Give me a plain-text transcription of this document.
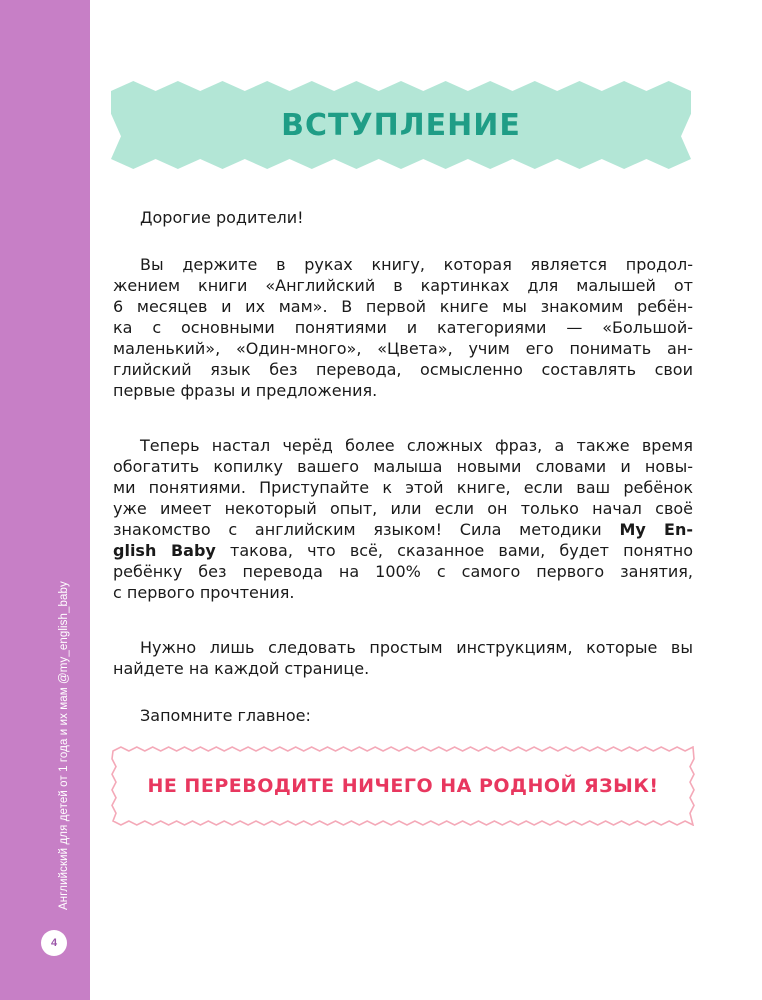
Английский для детей от 1 года и их мам @my_english_baby
4
ВСТУПЛЕНИЕ
Дорогие родители!
Вы держите в руках книгу, которая является продол-
жением книги «Английский в картинках для малышей от
6 месяцев и их мам». В первой книге мы знакомим ребён-
ка с основными понятиями и категориями — «Большой-
маленький», «Один-много», «Цвета», учим его понимать ан-
глийский язык без перевода, осмысленно составлять свои
первые фразы и предложения.
Теперь настал черёд более сложных фраз, а также время
обогатить копилку вашего малыша новыми словами и новы-
ми понятиями. Приступайте к этой книге, если ваш ребёнок
уже имеет некоторый опыт, или если он только начал своё
знакомство с английским языком! Сила методики My En-
glish Baby такова, что всё, сказанное вами, будет понятно
ребёнку без перевода на 100% с самого первого занятия,
с первого прочтения.
Нужно лишь следовать простым инструкциям, которые вы
найдете на каждой странице.
Запомните главное:
НЕ ПЕРЕВОДИТЕ НИЧЕГО НА РОДНОЙ ЯЗЫК!
